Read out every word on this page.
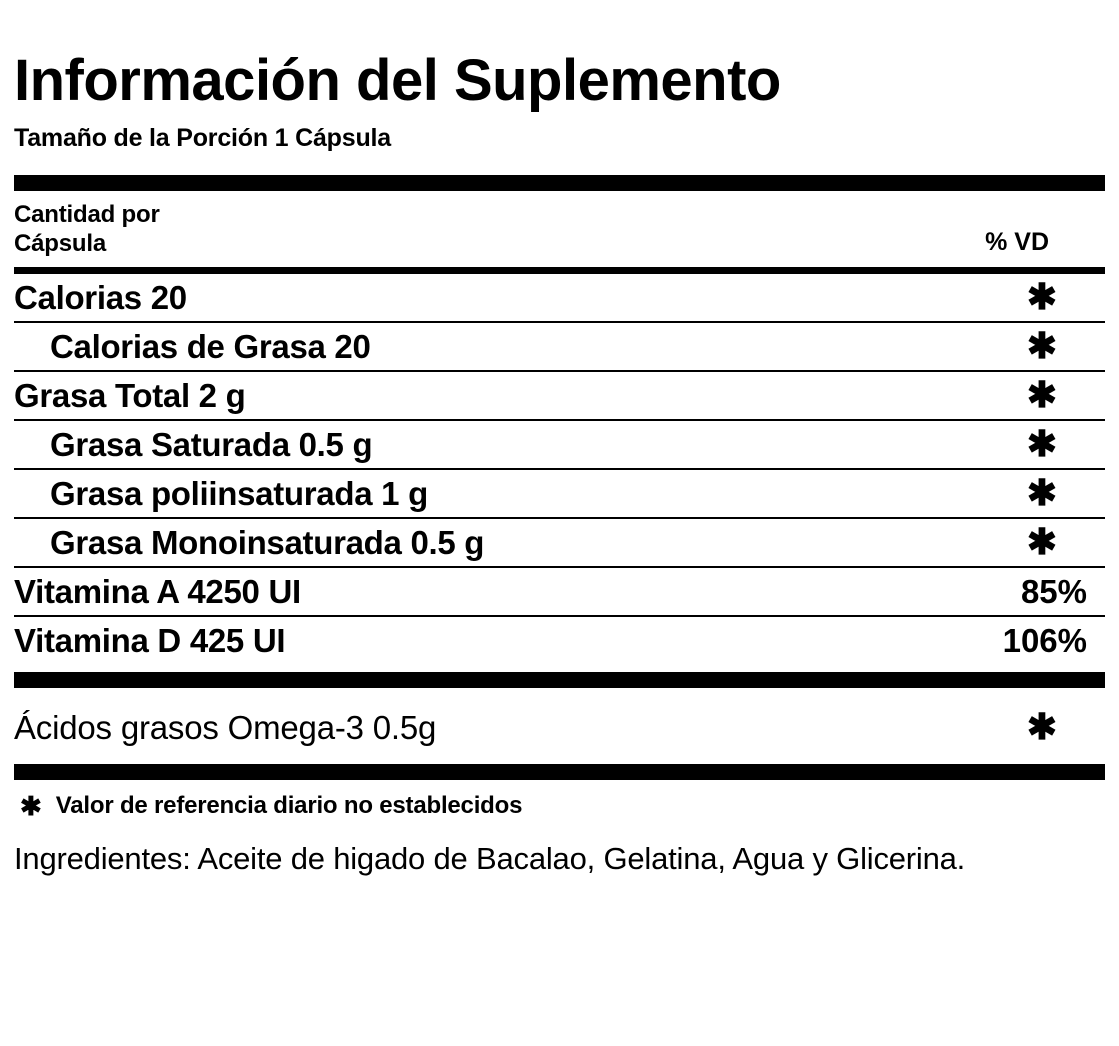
Información del Suplemento
Tamaño de la Porción 1 Cápsula
Cantidad por
Cápsula	% VD
Calorias 20	✱
Calorias de Grasa 20	✱
Grasa Total 2 g	✱
Grasa Saturada 0.5 g	✱
Grasa poliinsaturada 1 g	✱
Grasa Monoinsaturada 0.5 g	✱
Vitamina A 4250 UI	85%
Vitamina D 425 UI	106%
Ácidos grasos Omega-3 0.5g	✱
✱ Valor de referencia diario no establecidos
Ingredientes: Aceite de higado de Bacalao, Gelatina, Agua y Glicerina.
